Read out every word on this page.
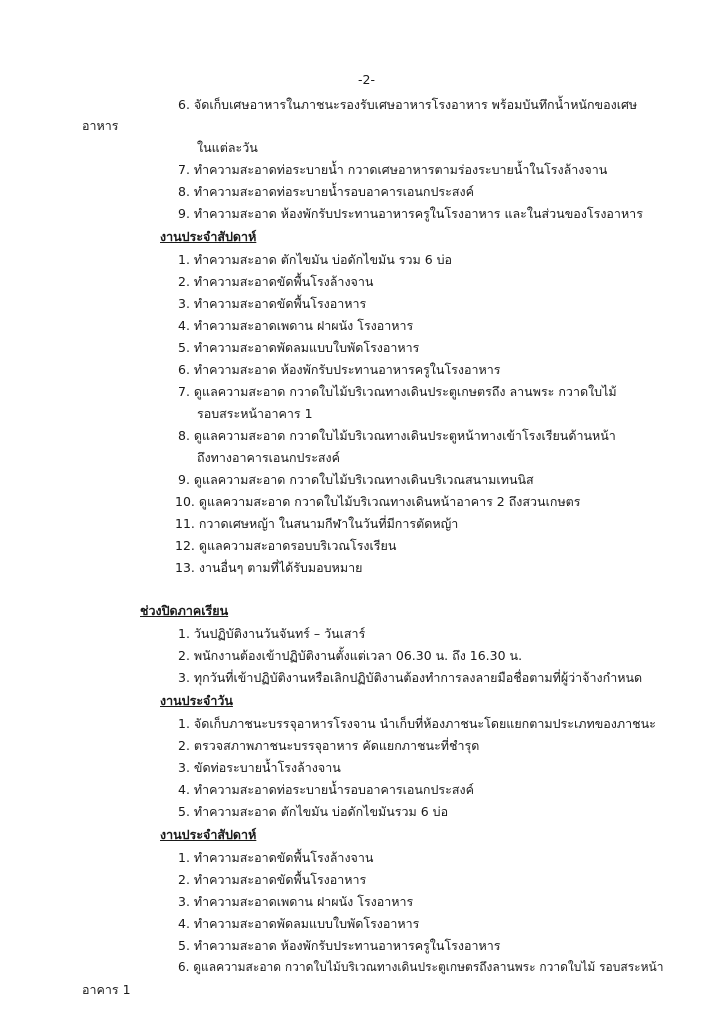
-2-
6. จัดเก็บเศษอาหารในภาชนะรองรับเศษอาหารโรงอาหาร พร้อมบันทึกน้ำหนักของเศษ
อาหาร
ในแต่ละวัน
7. ทำความสะอาดท่อระบายน้ำ กวาดเศษอาหารตามร่องระบายน้ำในโรงล้างจาน
8. ทำความสะอาดท่อระบายน้ำรอบอาคารเอนกประสงค์
9. ทำความสะอาด ห้องพักรับประทานอาหารครูในโรงอาหาร และในส่วนของโรงอาหาร
งานประจำสัปดาห์
1. ทำความสะอาด ตักไขมัน บ่อดักไขมัน รวม 6 บ่อ
2. ทำความสะอาดขัดพื้นโรงล้างจาน
3. ทำความสะอาดขัดพื้นโรงอาหาร
4. ทำความสะอาดเพดาน ฝาผนัง โรงอาหาร
5. ทำความสะอาดพัดลมแบบใบพัดโรงอาหาร
6. ทำความสะอาด ห้องพักรับประทานอาหารครูในโรงอาหาร
7. ดูแลความสะอาด กวาดใบไม้บริเวณทางเดินประตูเกษตรถึง ลานพระ กวาดใบไม้
รอบสระหน้าอาคาร 1
8. ดูแลความสะอาด กวาดใบไม้บริเวณทางเดินประตูหน้าทางเข้าโรงเรียนด้านหน้า
ถึงทางอาคารเอนกประสงค์
9. ดูแลความสะอาด กวาดใบไม้บริเวณทางเดินบริเวณสนามเทนนิส
10. ดูแลความสะอาด กวาดใบไม้บริเวณทางเดินหน้าอาคาร 2 ถึงสวนเกษตร
11. กวาดเศษหญ้า ในสนามกีฬาในวันที่มีการตัดหญ้า
12. ดูแลความสะอาดรอบบริเวณโรงเรียน
13. งานอื่นๆ ตามที่ได้รับมอบหมาย
ช่วงปิดภาคเรียน
1. วันปฏิบัติงานวันจันทร์ – วันเสาร์
2. พนักงานต้องเข้าปฏิบัติงานตั้งแต่เวลา 06.30 น. ถึง 16.30 น.
3. ทุกวันที่เข้าปฏิบัติงานหรือเลิกปฏิบัติงานต้องทำการลงลายมือชื่อตามที่ผู้ว่าจ้างกำหนด
งานประจำวัน
1. จัดเก็บภาชนะบรรจุอาหารโรงจาน นำเก็บที่ห้องภาชนะโดยแยกตามประเภทของภาชนะ
2. ตรวจสภาพภาชนะบรรจุอาหาร คัดแยกภาชนะที่ชำรุด
3. ขัดท่อระบายน้ำโรงล้างจาน
4. ทำความสะอาดท่อระบายน้ำรอบอาคารเอนกประสงค์
5. ทำความสะอาด ตักไขมัน บ่อดักไขมันรวม 6 บ่อ
งานประจำสัปดาห์
1. ทำความสะอาดขัดพื้นโรงล้างจาน
2. ทำความสะอาดขัดพื้นโรงอาหาร
3. ทำความสะอาดเพดาน ฝาผนัง โรงอาหาร
4. ทำความสะอาดพัดลมแบบใบพัดโรงอาหาร
5. ทำความสะอาด ห้องพักรับประทานอาหารครูในโรงอาหาร
6. ดูแลความสะอาด กวาดใบไม้บริเวณทางเดินประตูเกษตรถึงลานพระ กวาดใบไม้ รอบสระหน้า
อาคาร 1
